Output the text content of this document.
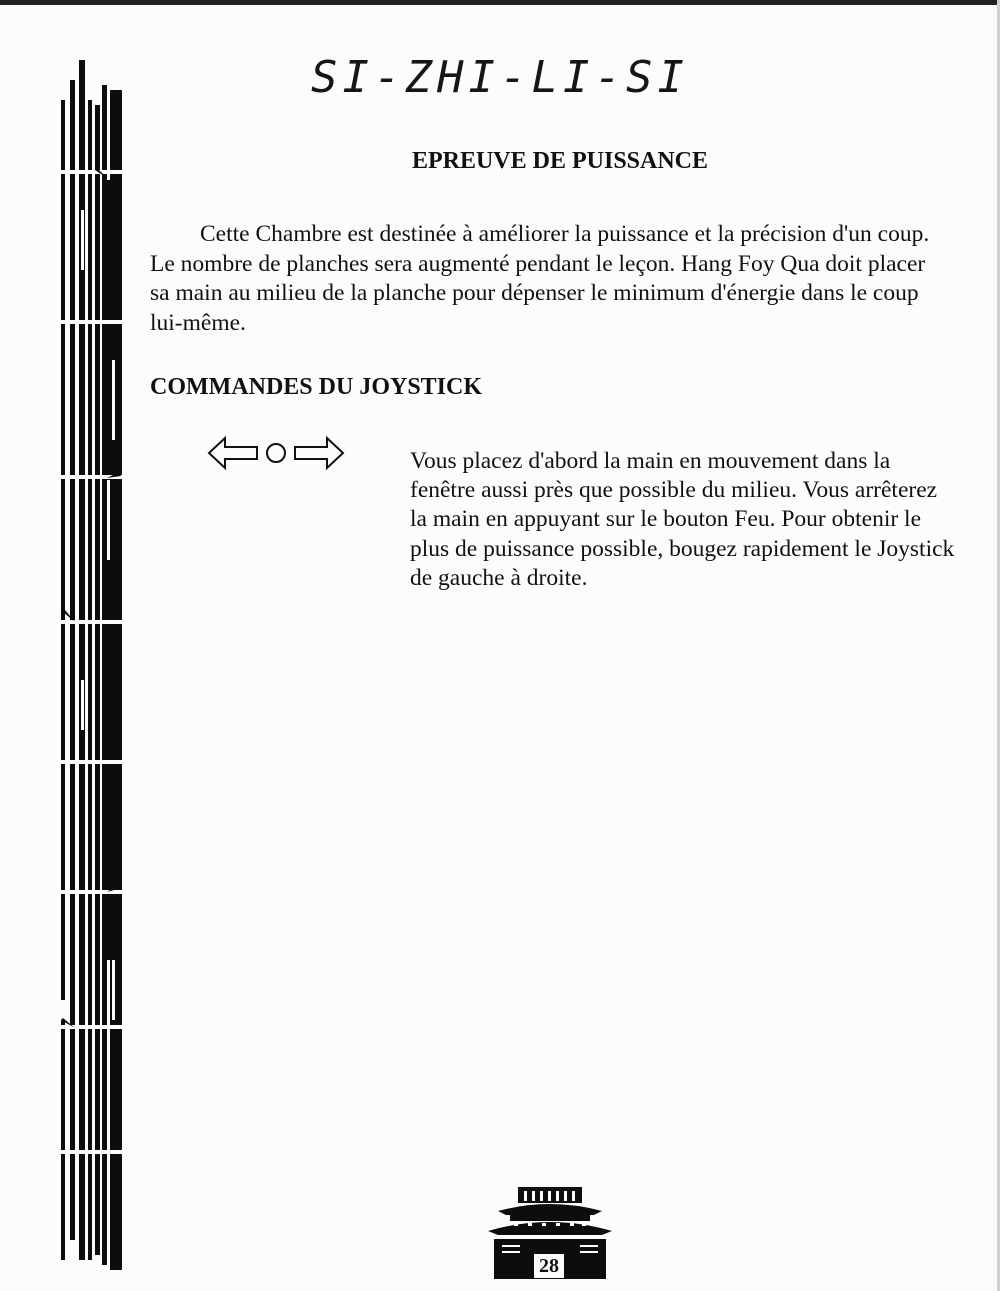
SI-ZHI-LI-SI
EPREUVE DE PUISSANCE

Cette Chambre est destinée à améliorer la puissance et la précision d'un coup. Le nombre de planches sera augmenté pendant le leçon. Hang Foy Qua doit placer sa main au milieu de la planche pour dépenser le minimum d'énergie dans le coup lui-même.

COMMANDES DU JOYSTICK

Vous placez d'abord la main en mouvement dans la fenêtre aussi près que possible du milieu. Vous arrêterez la main en appuyant sur le bouton Feu. Pour obtenir le plus de puissance possible, bougez rapidement le Joystick de gauche à droite.

28
